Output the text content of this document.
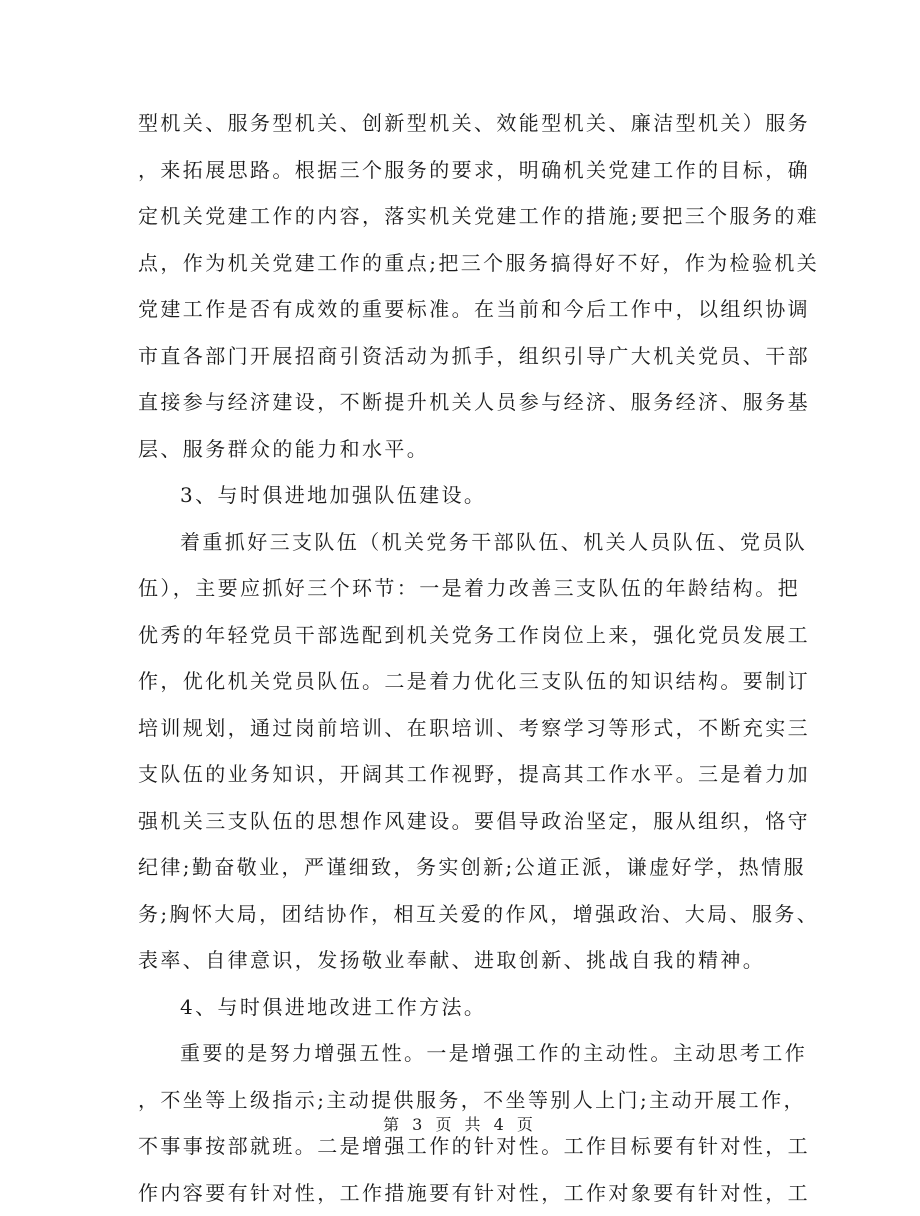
型机关、服务型机关、创新型机关、效能型机关、廉洁型机关）服务
，来拓展思路。根据三个服务的要求，明确机关党建工作的目标，确
定机关党建工作的内容，落实机关党建工作的措施;要把三个服务的难
点，作为机关党建工作的重点;把三个服务搞得好不好，作为检验机关
党建工作是否有成效的重要标准。在当前和今后工作中，以组织协调
市直各部门开展招商引资活动为抓手，组织引导广大机关党员、干部
直接参与经济建设，不断提升机关人员参与经济、服务经济、服务基
层、服务群众的能力和水平。
3、与时俱进地加强队伍建设。
着重抓好三支队伍（机关党务干部队伍、机关人员队伍、党员队
伍），主要应抓好三个环节：一是着力改善三支队伍的年龄结构。把
优秀的年轻党员干部选配到机关党务工作岗位上来，强化党员发展工
作，优化机关党员队伍。二是着力优化三支队伍的知识结构。要制订
培训规划，通过岗前培训、在职培训、考察学习等形式，不断充实三
支队伍的业务知识，开阔其工作视野，提高其工作水平。三是着力加
强机关三支队伍的思想作风建设。要倡导政治坚定，服从组织，恪守
纪律;勤奋敬业，严谨细致，务实创新;公道正派，谦虚好学，热情服
务;胸怀大局，团结协作，相互关爱的作风，增强政治、大局、服务、
表率、自律意识，发扬敬业奉献、进取创新、挑战自我的精神。
4、与时俱进地改进工作方法。
重要的是努力增强五性。一是增强工作的主动性。主动思考工作
，不坐等上级指示;主动提供服务，不坐等别人上门;主动开展工作，
不事事按部就班。二是增强工作的针对性。工作目标要有针对性，工
作内容要有针对性，工作措施要有针对性，工作对象要有针对性，工
第 3 页 共 4 页
